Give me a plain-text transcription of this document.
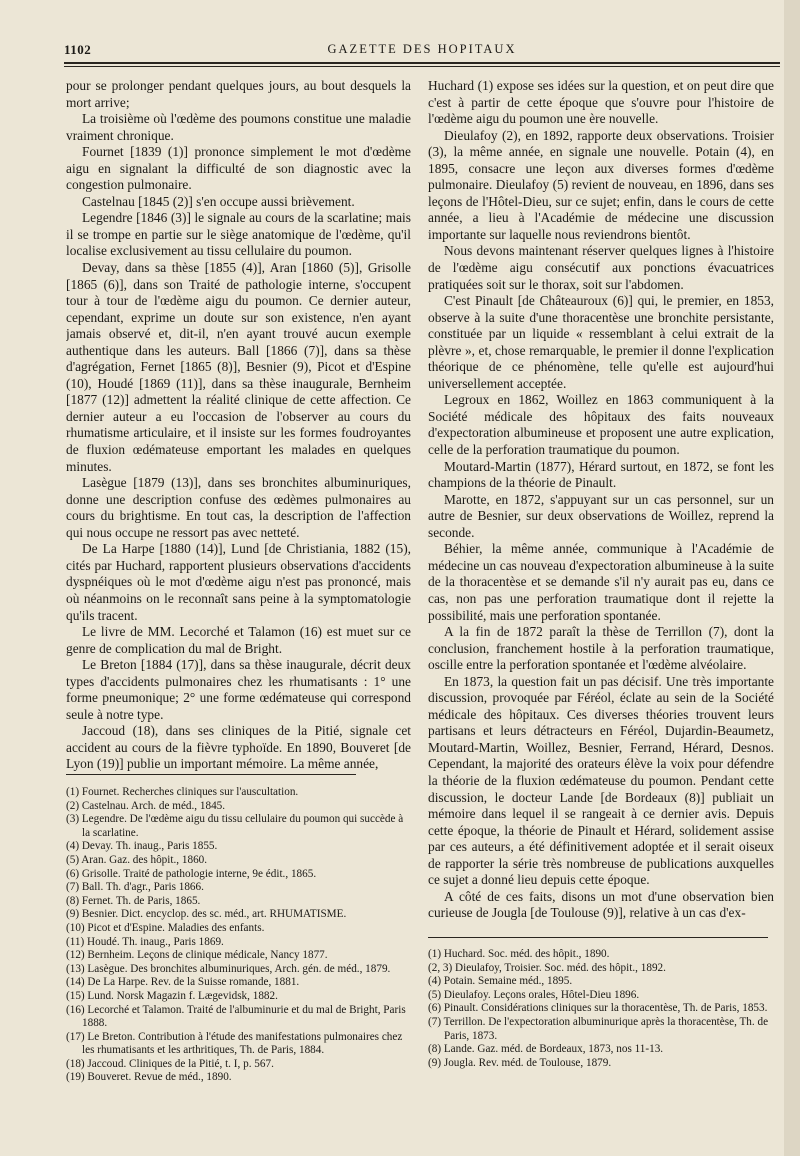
1102	GAZETTE DES HOPITAUX

pour se prolonger pendant quelques jours, au bout desquels la mort arrive;

La troisième où l'œdème des poumons constitue une maladie vraiment chronique.

Fournet [1839 (1)] prononce simplement le mot d'œdème aigu en signalant la difficulté de son diagnostic avec la congestion pulmonaire.

Castelnau [1845 (2)] s'en occupe aussi brièvement.

Legendre [1846 (3)] le signale au cours de la scarlatine; mais il se trompe en partie sur le siège anatomique de l'œdème, qu'il localise exclusivement au tissu cellulaire du poumon.

Devay, dans sa thèse [1855 (4)], Aran [1860 (5)], Grisolle [1865 (6)], dans son Traité de pathologie interne, s'occupent tour à tour de l'œdème aigu du poumon. Ce dernier auteur, cependant, exprime un doute sur son existence, n'en ayant jamais observé et, dit-il, n'en ayant trouvé aucun exemple authentique dans les auteurs. Ball [1866 (7)], dans sa thèse d'agrégation, Fernet [1865 (8)], Besnier (9), Picot et d'Espine (10), Houdé [1869 (11)], dans sa thèse inaugurale, Bernheim [1877 (12)] admettent la réalité clinique de cette affection. Ce dernier auteur a eu l'occasion de l'observer au cours du rhumatisme articulaire, et il insiste sur les formes foudroyantes de fluxion œdémateuse emportant les malades en quelques minutes.

Lasègue [1879 (13)], dans ses bronchites albuminuriques, donne une description confuse des œdèmes pulmonaires au cours du brightisme. En tout cas, la description de l'affection qui nous occupe ne ressort pas avec netteté.

De La Harpe [1880 (14)], Lund [de Christiania, 1882 (15), cités par Huchard, rapportent plusieurs observations d'accidents dyspnéiques où le mot d'œdème aigu n'est pas prononcé, mais où néanmoins on le reconnaît sans peine à la symptomatologie qu'ils tracent.

Le livre de MM. Lecorché et Talamon (16) est muet sur ce genre de complication du mal de Bright.

Le Breton [1884 (17)], dans sa thèse inaugurale, décrit deux types d'accidents pulmonaires chez les rhumatisants : 1° une forme pneumonique; 2° une forme œdémateuse qui correspond seule à notre type.

Jaccoud (18), dans ses cliniques de la Pitié, signale cet accident au cours de la fièvre typhoïde. En 1890, Bouveret [de Lyon (19)] publie un important mémoire. La même année,

(1) Fournet. Recherches cliniques sur l'auscultation.

(2) Castelnau. Arch. de méd., 1845.

(3) Legendre. De l'œdème aigu du tissu cellulaire du poumon qui succède à la scarlatine.

(4) Devay. Th. inaug., Paris 1855.

(5) Aran. Gaz. des hôpit., 1860.

(6) Grisolle. Traité de pathologie interne, 9e édit., 1865.

(7) Ball. Th. d'agr., Paris 1866.

(8) Fernet. Th. de Paris, 1865.

(9) Besnier. Dict. encyclop. des sc. méd., art. RHUMATISME.

(10) Picot et d'Espine. Maladies des enfants.

(11) Houdé. Th. inaug., Paris 1869.

(12) Bernheim. Leçons de clinique médicale, Nancy 1877.

(13) Lasègue. Des bronchites albuminuriques, Arch. gén. de méd., 1879.

(14) De La Harpe. Rev. de la Suisse romande, 1881.

(15) Lund. Norsk Magazin f. Lægevidsk, 1882.

(16) Lecorché et Talamon. Traité de l'albuminurie et du mal de Bright, Paris 1888.

(17) Le Breton. Contribution à l'étude des manifestations pulmonaires chez les rhumatisants et les arthritiques, Th. de Paris, 1884.

(18) Jaccoud. Cliniques de la Pitié, t. I, p. 567.

(19) Bouveret. Revue de méd., 1890.

Huchard (1) expose ses idées sur la question, et on peut dire que c'est à partir de cette époque que s'ouvre pour l'histoire de l'œdème aigu du poumon une ère nouvelle.

Dieulafoy (2), en 1892, rapporte deux observations. Troisier (3), la même année, en signale une nouvelle. Potain (4), en 1895, consacre une leçon aux diverses formes d'œdème pulmonaire. Dieulafoy (5) revient de nouveau, en 1896, dans ses leçons de l'Hôtel-Dieu, sur ce sujet; enfin, dans le cours de cette année, a lieu à l'Académie de médecine une discussion importante sur laquelle nous reviendrons bientôt.

Nous devons maintenant réserver quelques lignes à l'histoire de l'œdème aigu consécutif aux ponctions évacuatrices pratiquées soit sur le thorax, soit sur l'abdomen.

C'est Pinault [de Châteauroux (6)] qui, le premier, en 1853, observe à la suite d'une thoracentèse une bronchite persistante, constituée par un liquide « ressemblant à celui extrait de la plèvre », et, chose remarquable, le premier il donne l'explication théorique de ce phénomène, telle qu'elle est aujourd'hui universellement acceptée.

Legroux en 1862, Woillez en 1863 communiquent à la Société médicale des hôpitaux des faits nouveaux d'expectoration albumineuse et proposent une autre explication, celle de la perforation traumatique du poumon.

Moutard-Martin (1877), Hérard surtout, en 1872, se font les champions de la théorie de Pinault.

Marotte, en 1872, s'appuyant sur un cas personnel, sur un autre de Besnier, sur deux observations de Woillez, reprend la seconde.

Béhier, la même année, communique à l'Académie de médecine un cas nouveau d'expectoration albumineuse à la suite de la thoracentèse et se demande s'il n'y aurait pas eu, dans ce cas, non pas une perforation traumatique dont il rejette la possibilité, mais une perforation spontanée.

A la fin de 1872 paraît la thèse de Terrillon (7), dont la conclusion, franchement hostile à la perforation traumatique, oscille entre la perforation spontanée et l'œdème alvéolaire.

En 1873, la question fait un pas décisif. Une très importante discussion, provoquée par Féréol, éclate au sein de la Société médicale des hôpitaux. Ces diverses théories trouvent leurs partisans et leurs détracteurs en Féréol, Dujardin-Beaumetz, Moutard-Martin, Woillez, Besnier, Ferrand, Hérard, Desnos. Cependant, la majorité des orateurs élève la voix pour défendre la théorie de la fluxion œdémateuse du poumon. Pendant cette discussion, le docteur Lande [de Bordeaux (8)] publiait un mémoire dans lequel il se rangeait à ce dernier avis. Depuis cette époque, la théorie de Pinault et Hérard, solidement assise par ces auteurs, a été définitivement adoptée et il serait oiseux de rapporter la série très nombreuse de publications auxquelles ce sujet a donné lieu depuis cette époque.

A côté de ces faits, disons un mot d'une observation bien curieuse de Jougla [de Toulouse (9)], relative à un cas d'ex-

(1) Huchard. Soc. méd. des hôpit., 1890.

(2, 3) Dieulafoy, Troisier. Soc. méd. des hôpit., 1892.

(4) Potain. Semaine méd., 1895.

(5) Dieulafoy. Leçons orales, Hôtel-Dieu 1896.

(6) Pinault. Considérations cliniques sur la thoracentèse, Th. de Paris, 1853.

(7) Terrillon. De l'expectoration albuminurique après la thoracentèse, Th. de Paris, 1873.

(8) Lande. Gaz. méd. de Bordeaux, 1873, nos 11-13.

(9) Jougla. Rev. méd. de Toulouse, 1879.
